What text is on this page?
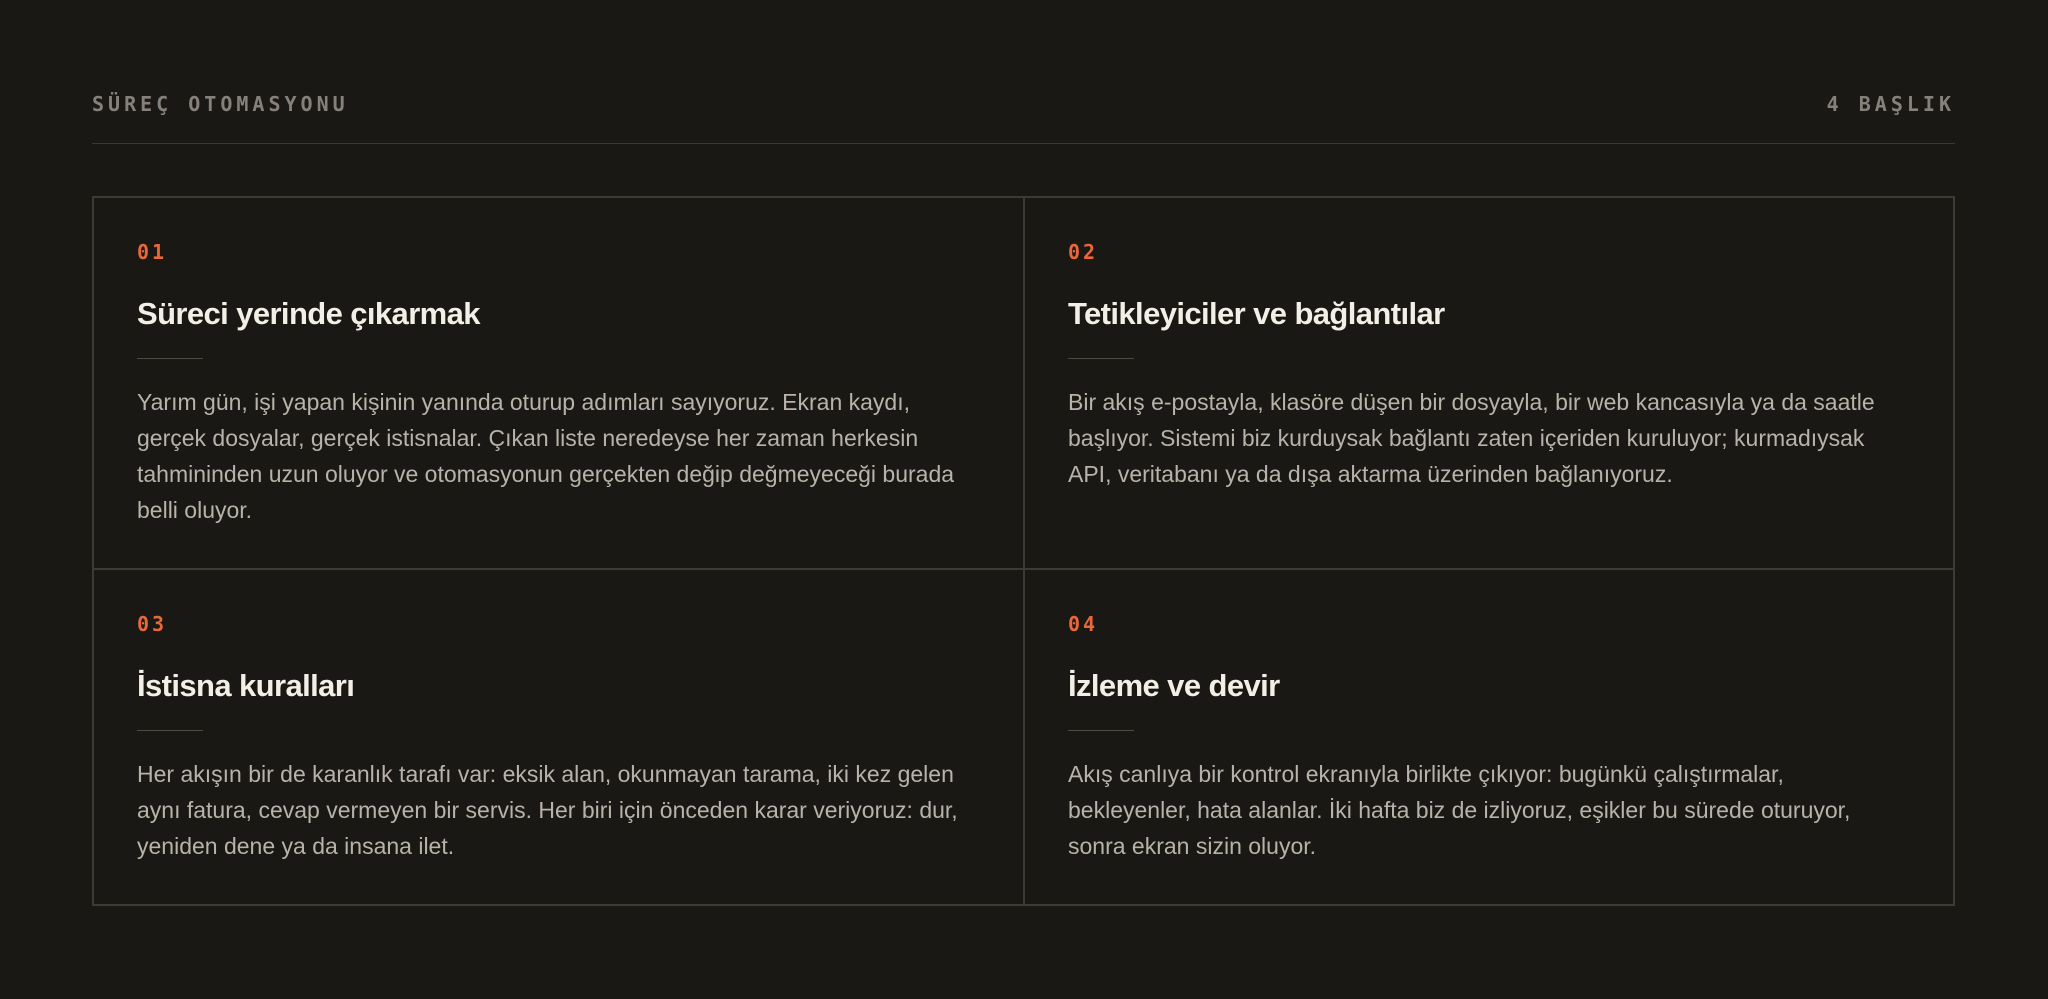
SÜREÇ OTOMASYONU	4 BAŞLIK
01
Süreci yerinde çıkarmak
Yarım gün, işi yapan kişinin yanında oturup adımları sayıyoruz. Ekran kaydı, gerçek dosyalar, gerçek istisnalar. Çıkan liste neredeyse her zaman herkesin tahmininden uzun oluyor ve otomasyonun gerçekten değip değmeyeceği burada belli oluyor.
02
Tetikleyiciler ve bağlantılar
Bir akış e-postayla, klasöre düşen bir dosyayla, bir web kancasıyla ya da saatle başlıyor. Sistemi biz kurduysak bağlantı zaten içeriden kuruluyor; kurmadıysak API, veritabanı ya da dışa aktarma üzerinden bağlanıyoruz.
03
İstisna kuralları
Her akışın bir de karanlık tarafı var: eksik alan, okunmayan tarama, iki kez gelen aynı fatura, cevap vermeyen bir servis. Her biri için önceden karar veriyoruz: dur, yeniden dene ya da insana ilet.
04
İzleme ve devir
Akış canlıya bir kontrol ekranıyla birlikte çıkıyor: bugünkü çalıştırmalar, bekleyenler, hata alanlar. İki hafta biz de izliyoruz, eşikler bu sürede oturuyor, sonra ekran sizin oluyor.
